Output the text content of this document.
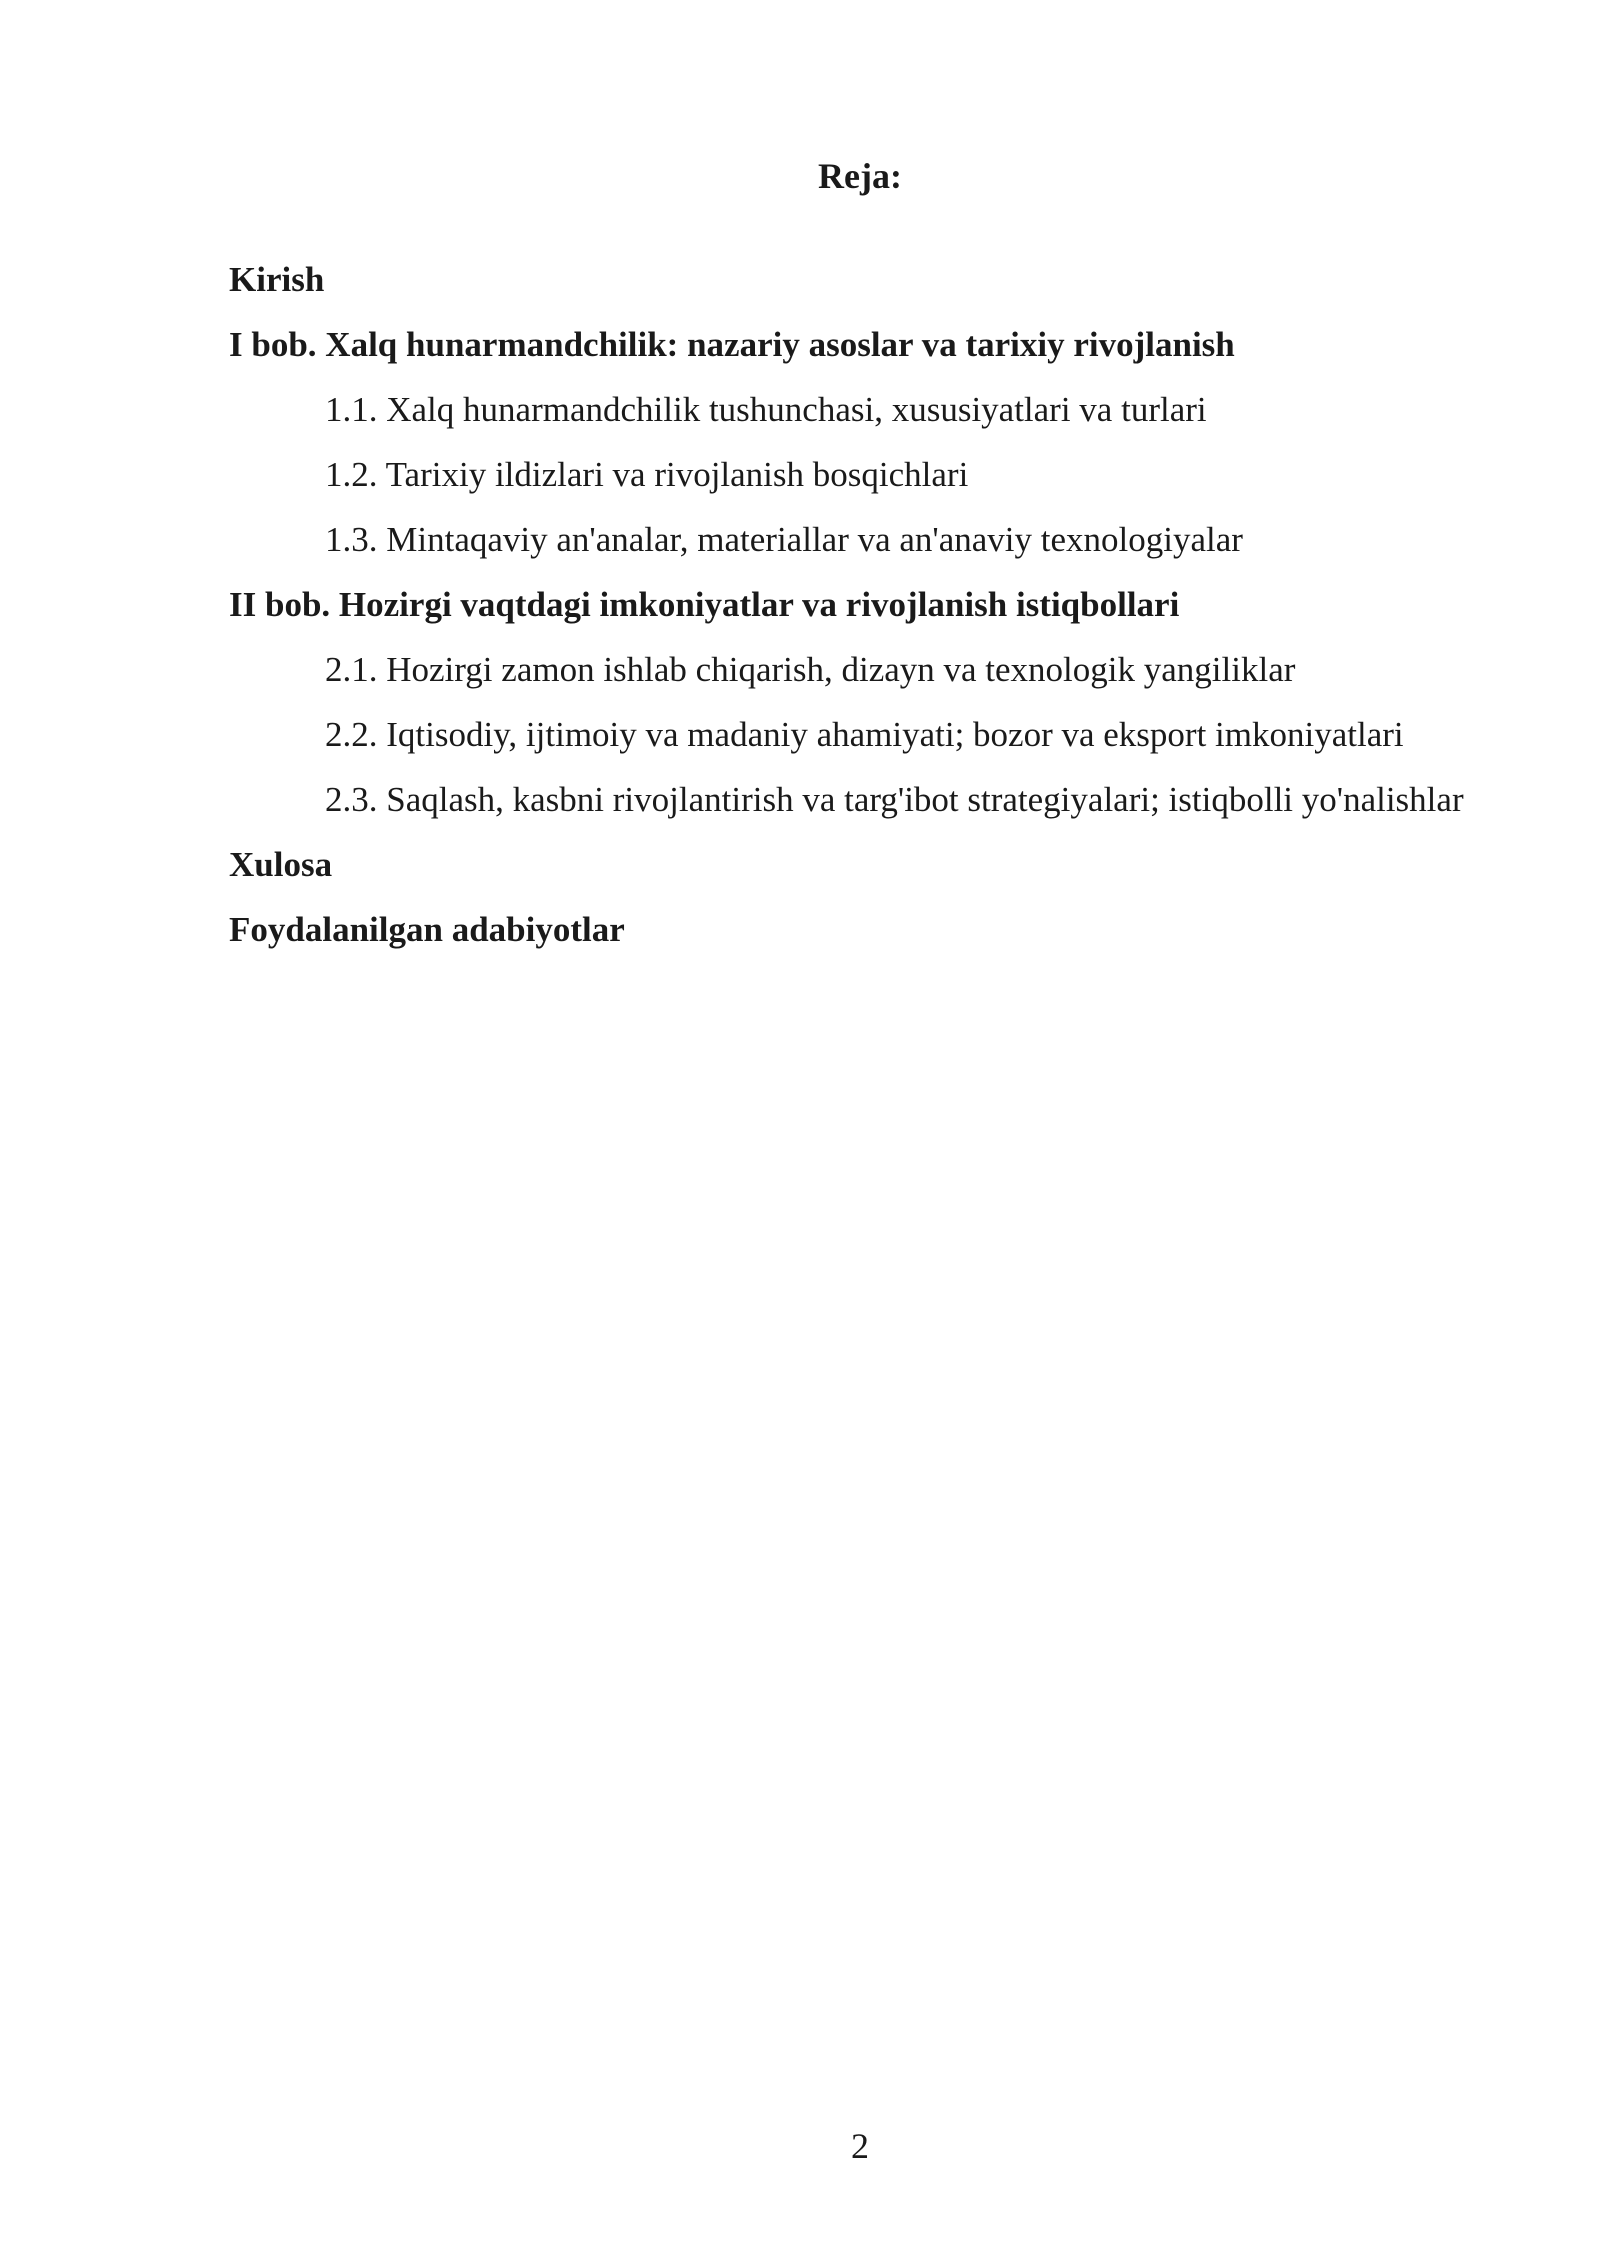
Reja:
Kirish
I bob. Xalq hunarmandchilik: nazariy asoslar va tarixiy rivojlanish
1.1. Xalq hunarmandchilik tushunchasi, xususiyatlari va turlari
1.2. Tarixiy ildizlari va rivojlanish bosqichlari
1.3. Mintaqaviy an'analar, materiallar va an'anaviy texnologiyalar
II bob. Hozirgi vaqtdagi imkoniyatlar va rivojlanish istiqbollari
2.1. Hozirgi zamon ishlab chiqarish, dizayn va texnologik yangiliklar
2.2. Iqtisodiy, ijtimoiy va madaniy ahamiyati; bozor va eksport imkoniyatlari
2.3. Saqlash, kasbni rivojlantirish va targ'ibot strategiyalari; istiqbolli yo'nalishlar
Xulosa
Foydalanilgan adabiyotlar
2
